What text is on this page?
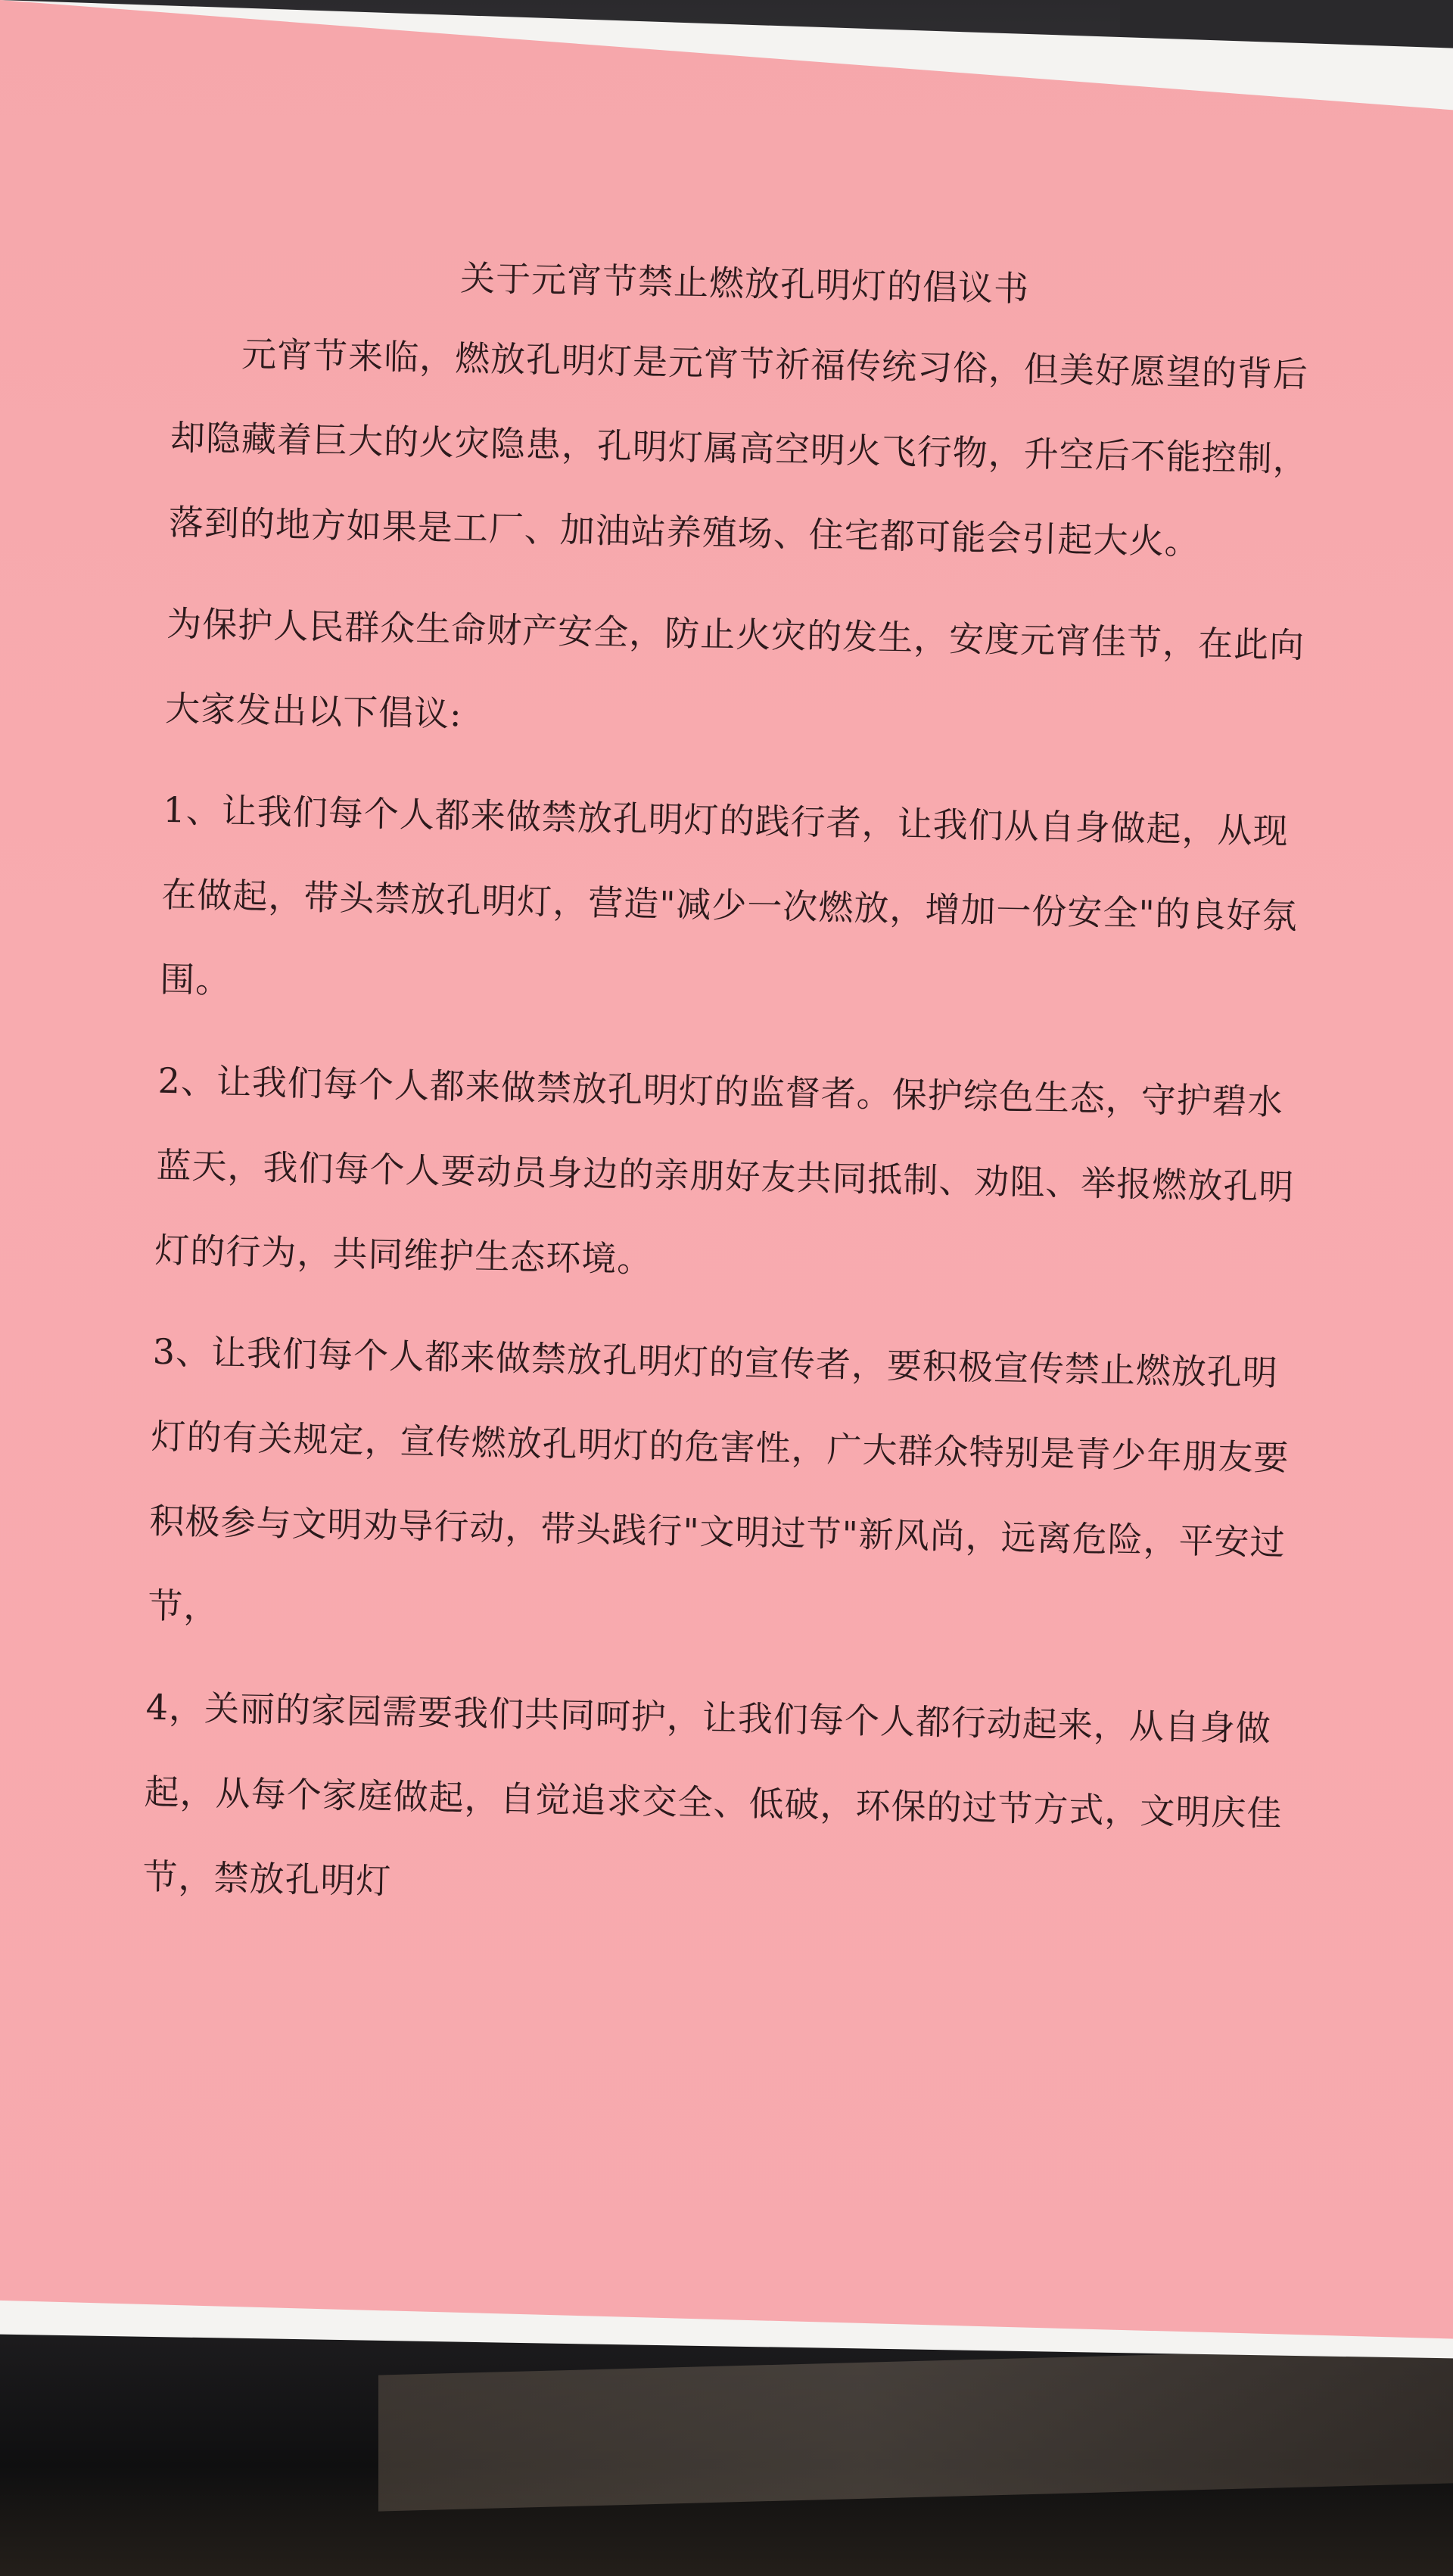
关于元宵节禁止燃放孔明灯的倡议书

元宵节来临，燃放孔明灯是元宵节祈福传统习俗，但美好愿望的背后却隐藏着巨大的火灾隐患，孔明灯属高空明火飞行物，升空后不能控制，落到的地方如果是工厂、加油站养殖场、住宅都可能会引起大火。

为保护人民群众生命财产安全，防止火灾的发生，安度元宵佳节，在此向大家发出以下倡议:

1、让我们每个人都来做禁放孔明灯的践行者，让我们从自身做起，从现在做起，带头禁放孔明灯，营造"减少一次燃放，增加一份安全"的良好氛围。

2、让我们每个人都来做禁放孔明灯的监督者。保护综色生态，守护碧水蓝天，我们每个人要动员身边的亲朋好友共同抵制、劝阻、举报燃放孔明灯的行为，共同维护生态环境。

3、让我们每个人都来做禁放孔明灯的宣传者，要积极宣传禁止燃放孔明灯的有关规定，宣传燃放孔明灯的危害性，广大群众特别是青少年朋友要积极参与文明劝导行动，带头践行"文明过节"新风尚，远离危险，平安过节，

4，关丽的家园需要我们共同呵护，让我们每个人都行动起来，从自身做起，从每个家庭做起，自觉追求交全、低破，环保的过节方式，文明庆佳节，禁放孔明灯
